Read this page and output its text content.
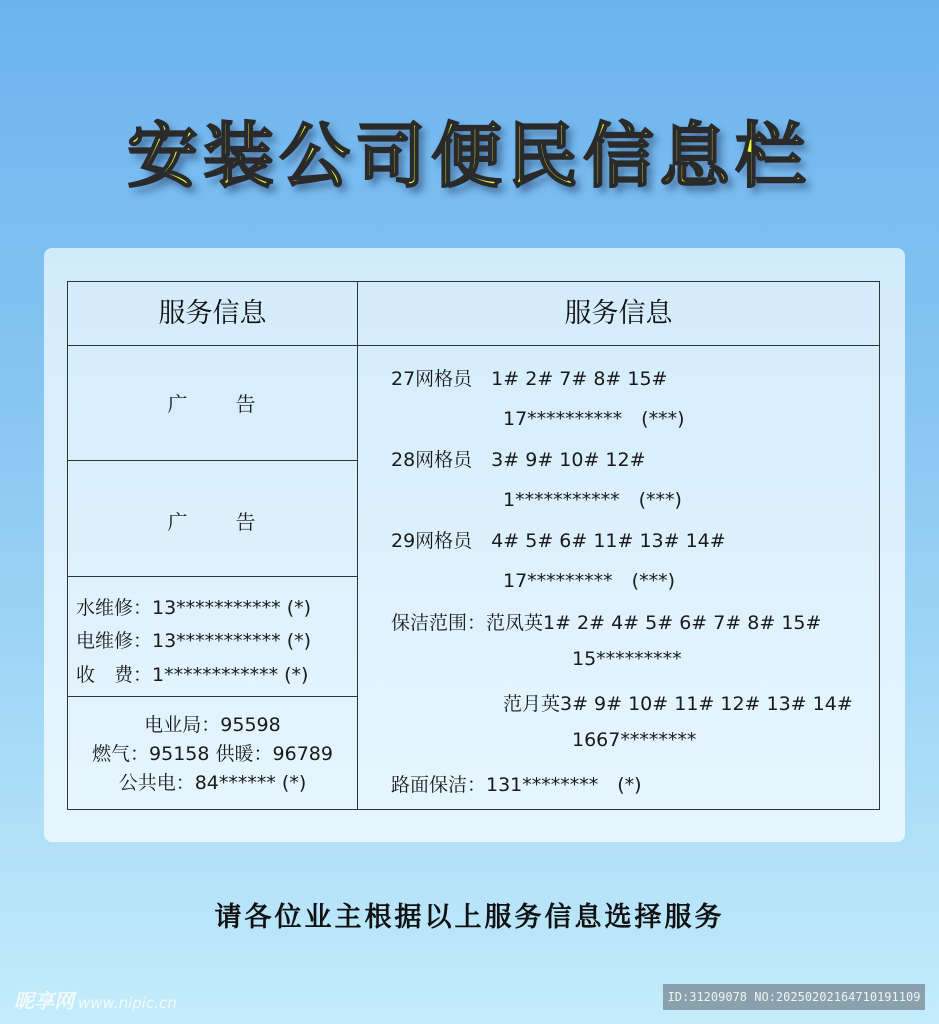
安装公司便民信息栏
服务信息	服务信息
广 告
广 告
水维修：13*********** (*)
电维修：13*********** (*)
收　费：1************ (*)
电业局：95598
燃气：95158 供暖：96789
公共电：84****** (*)
27网格员　1# 2# 7# 8# 15#
17**********　(***)
28网格员　3# 9# 10# 12#
1***********　(***)
29网格员　4# 5# 6# 11# 13# 14#
17*********　(***)
保洁范围：范凤英1# 2# 4# 5# 6# 7# 8# 15#
15*********
范月英3# 9# 10# 11# 12# 13# 14#
1667********
路面保洁：131********　(*)
请各位业主根据以上服务信息选择服务
昵享网 www.nipic.cn	ID:31209078 NO:20250202164710191109
